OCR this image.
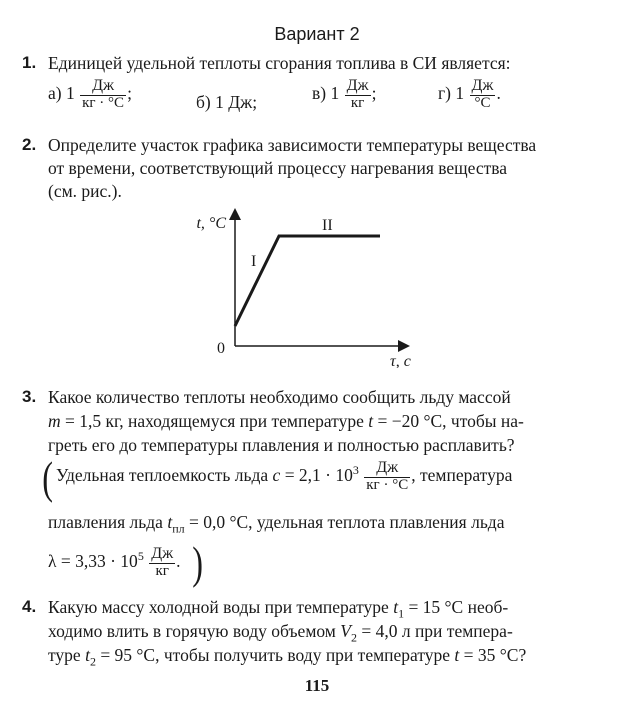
Вариант 2
1. Единицей удельной теплоты сгорания топлива в СИ является:
а) $1 \frac{Дж}{кг \cdot ^\circ С}$ ;	б) 1 Дж;	в) $1 \frac{Дж}{кг}$ ;	г) $1 \frac{Дж}{^\circ С}$ .
2. Определите участок графика зависимости температуры вещества
от времени, соответствующий процессу нагревания вещества
(см. рис.).
t, °С
τ, с
0
I
II
3. Какое количество теплоты необходимо сообщить льду массой
m = 1,5 кг, находящемуся при температуре t = −20 °С, чтобы на-
греть его до температуры плавления и полностью расплавить?
( Удельная теплоемкость льда $c = 2,1 \cdot 10^3 \frac{Дж}{кг \cdot ^\circ С}$ , температура
плавления льда $t_{пл} = 0,0$ °С, удельная теплота плавления льда
$\lambda = 3,33 \cdot 10^5 \frac{Дж}{кг}$ . )
4. Какую массу холодной воды при температуре $t_1 = 15$ °С необ-
ходимо влить в горячую воду объемом $V_2 = 4,0$ л при темпера-
туре $t_2 = 95$ °С, чтобы получить воду при температуре t = 35 °С?
115
